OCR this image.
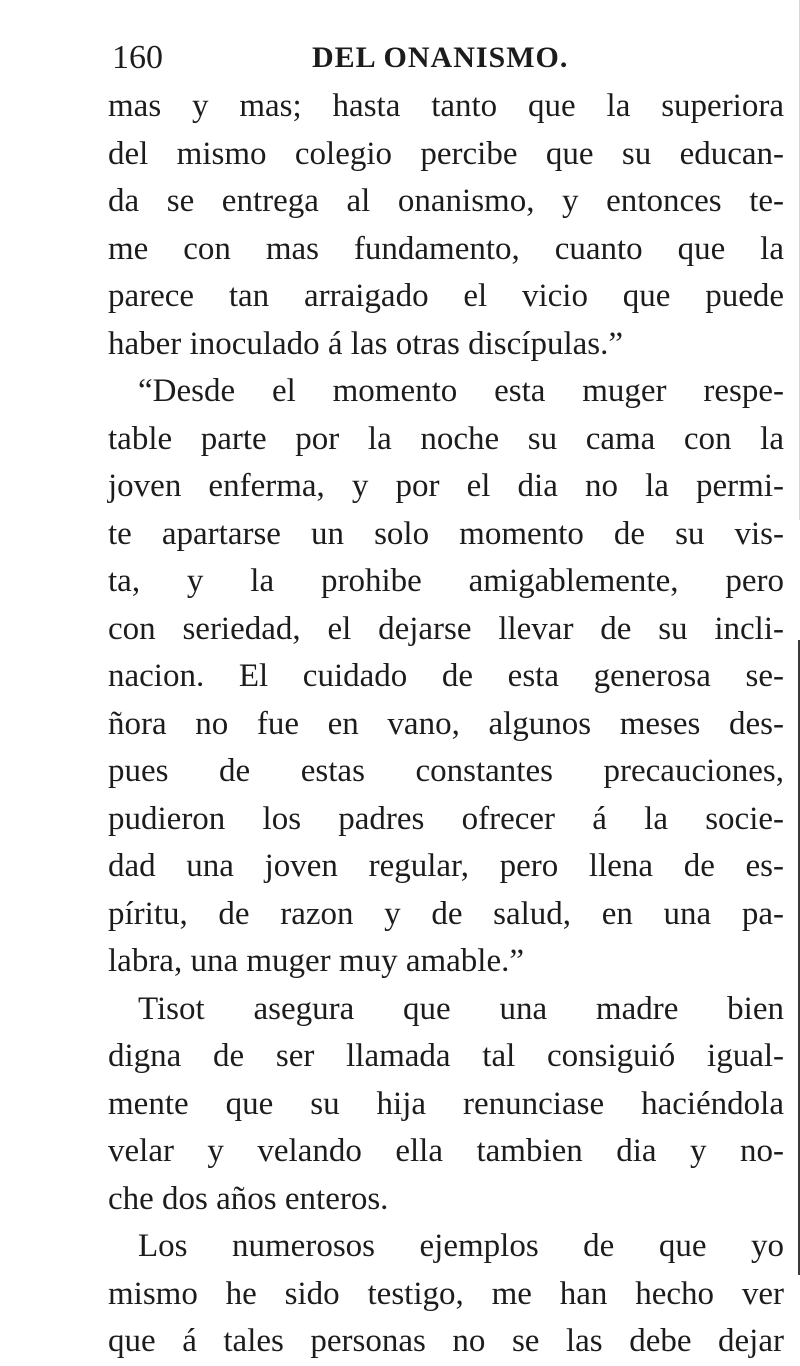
160	DEL ONANISMO.
mas y mas; hasta tanto que la superiora
del mismo colegio percibe que su educan-
da se entrega al onanismo, y entonces te-
me con mas fundamento, cuanto que la
parece tan arraigado el vicio que puede
haber inoculado á las otras discípulas.”
“Desde el momento esta muger respe-
table parte por la noche su cama con la
joven enferma, y por el dia no la permi-
te apartarse un solo momento de su vis-
ta, y la prohibe amigablemente, pero
con seriedad, el dejarse llevar de su incli-
nacion. El cuidado de esta generosa se-
ñora no fue en vano, algunos meses des-
pues de estas constantes precauciones,
pudieron los padres ofrecer á la socie-
dad una joven regular, pero llena de es-
píritu, de razon y de salud, en una pa-
labra, una muger muy amable.”
Tisot asegura que una madre bien
digna de ser llamada tal consiguió igual-
mente que su hija renunciase haciéndola
velar y velando ella tambien dia y no-
che dos años enteros.
Los numerosos ejemplos de que yo
mismo he sido testigo, me han hecho ver
que á tales personas no se las debe dejar
